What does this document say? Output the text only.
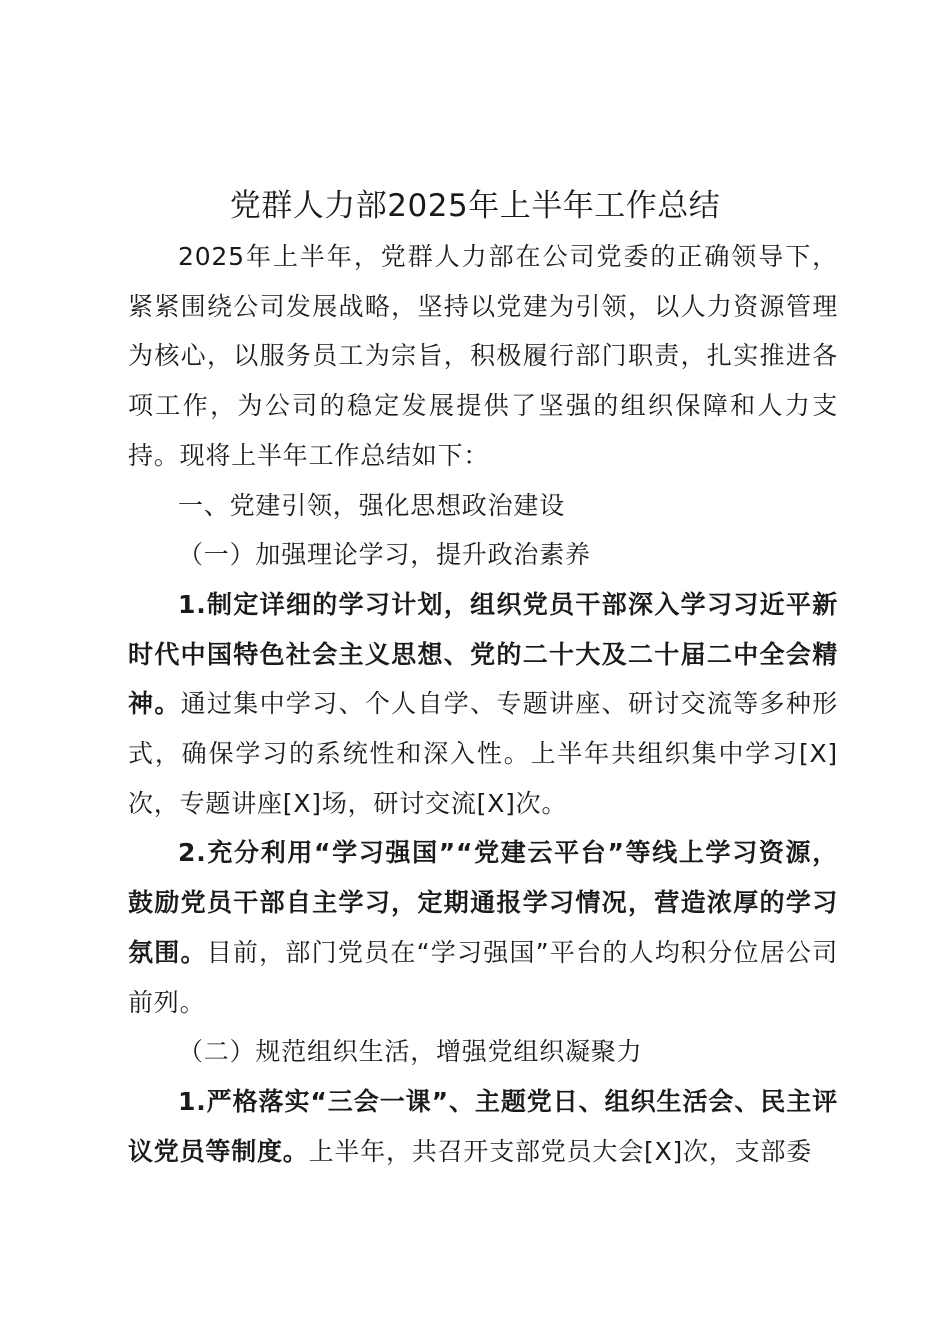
党群人力部2025年上半年工作总结

2025年上半年，党群人力部在公司党委的正确领导下，紧紧围绕公司发展战略，坚持以党建为引领，以人力资源管理为核心，以服务员工为宗旨，积极履行部门职责，扎实推进各项工作，为公司的稳定发展提供了坚强的组织保障和人力支持。现将上半年工作总结如下：

一、党建引领，强化思想政治建设

（一）加强理论学习，提升政治素养

1.制定详细的学习计划，组织党员干部深入学习习近平新时代中国特色社会主义思想、党的二十大及二十届二中全会精神。通过集中学习、个人自学、专题讲座、研讨交流等多种形式，确保学习的系统性和深入性。上半年共组织集中学习[X]次，专题讲座[X]场，研讨交流[X]次。

2.充分利用“学习强国”“党建云平台”等线上学习资源，鼓励党员干部自主学习，定期通报学习情况，营造浓厚的学习氛围。目前，部门党员在“学习强国”平台的人均积分位居公司前列。

（二）规范组织生活，增强党组织凝聚力

1.严格落实“三会一课”、主题党日、组织生活会、民主评议党员等制度。上半年，共召开支部党员大会[X]次，支部委
